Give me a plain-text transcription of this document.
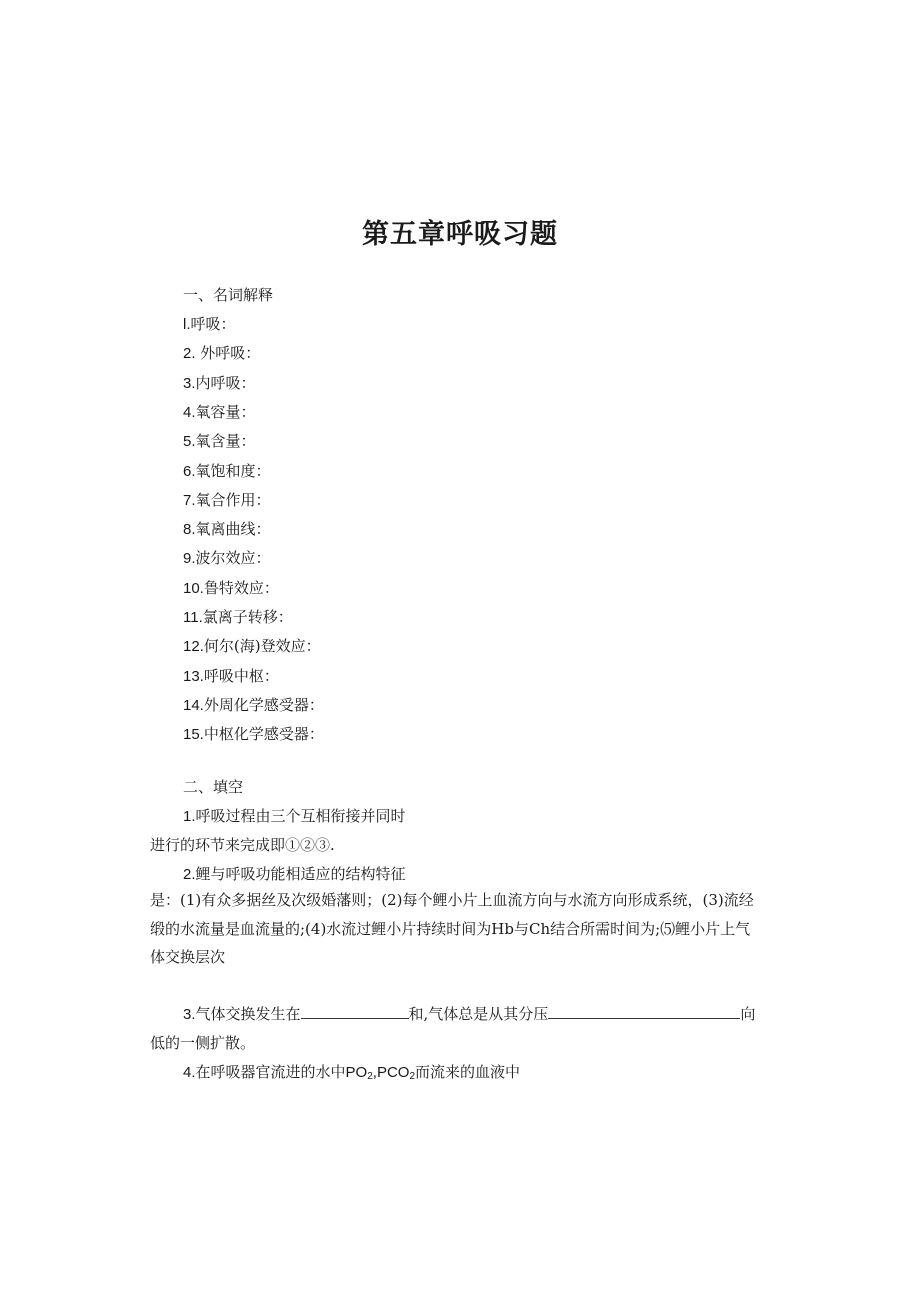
第五章呼吸习题
一、名词解释
l.呼吸：
2. 外呼吸：
3.内呼吸：
4.氧容量：
5.氧含量：
6.氧饱和度：
7.氧合作用：
8.氧离曲线：
9.波尔效应：
10.鲁特效应：
11.氯离子转移：
12.何尔(海)登效应：
13.呼吸中枢：
14.外周化学感受器：
15.中枢化学感受器：
二、填空
1.呼吸过程由三个互相衔接并同时
进行的环节来完成即①②③.
2.鲤与呼吸功能相适应的结构特征
是：(1)有众多据丝及次级婚藩则；(2)每个鲤小片上血流方向与水流方向形成系统，(3)流经
缎的水流量是血流量的;(4)水流过鲤小片持续时间为Hb与Ch结合所需时间为;⑸鲤小片上气
体交换层次
3.气体交换发生在	和,气体总是从其分压	向
低的一侧扩散。
4.在呼吸器官流进的水中$PO_2,PCO_2$而流来的血液中
